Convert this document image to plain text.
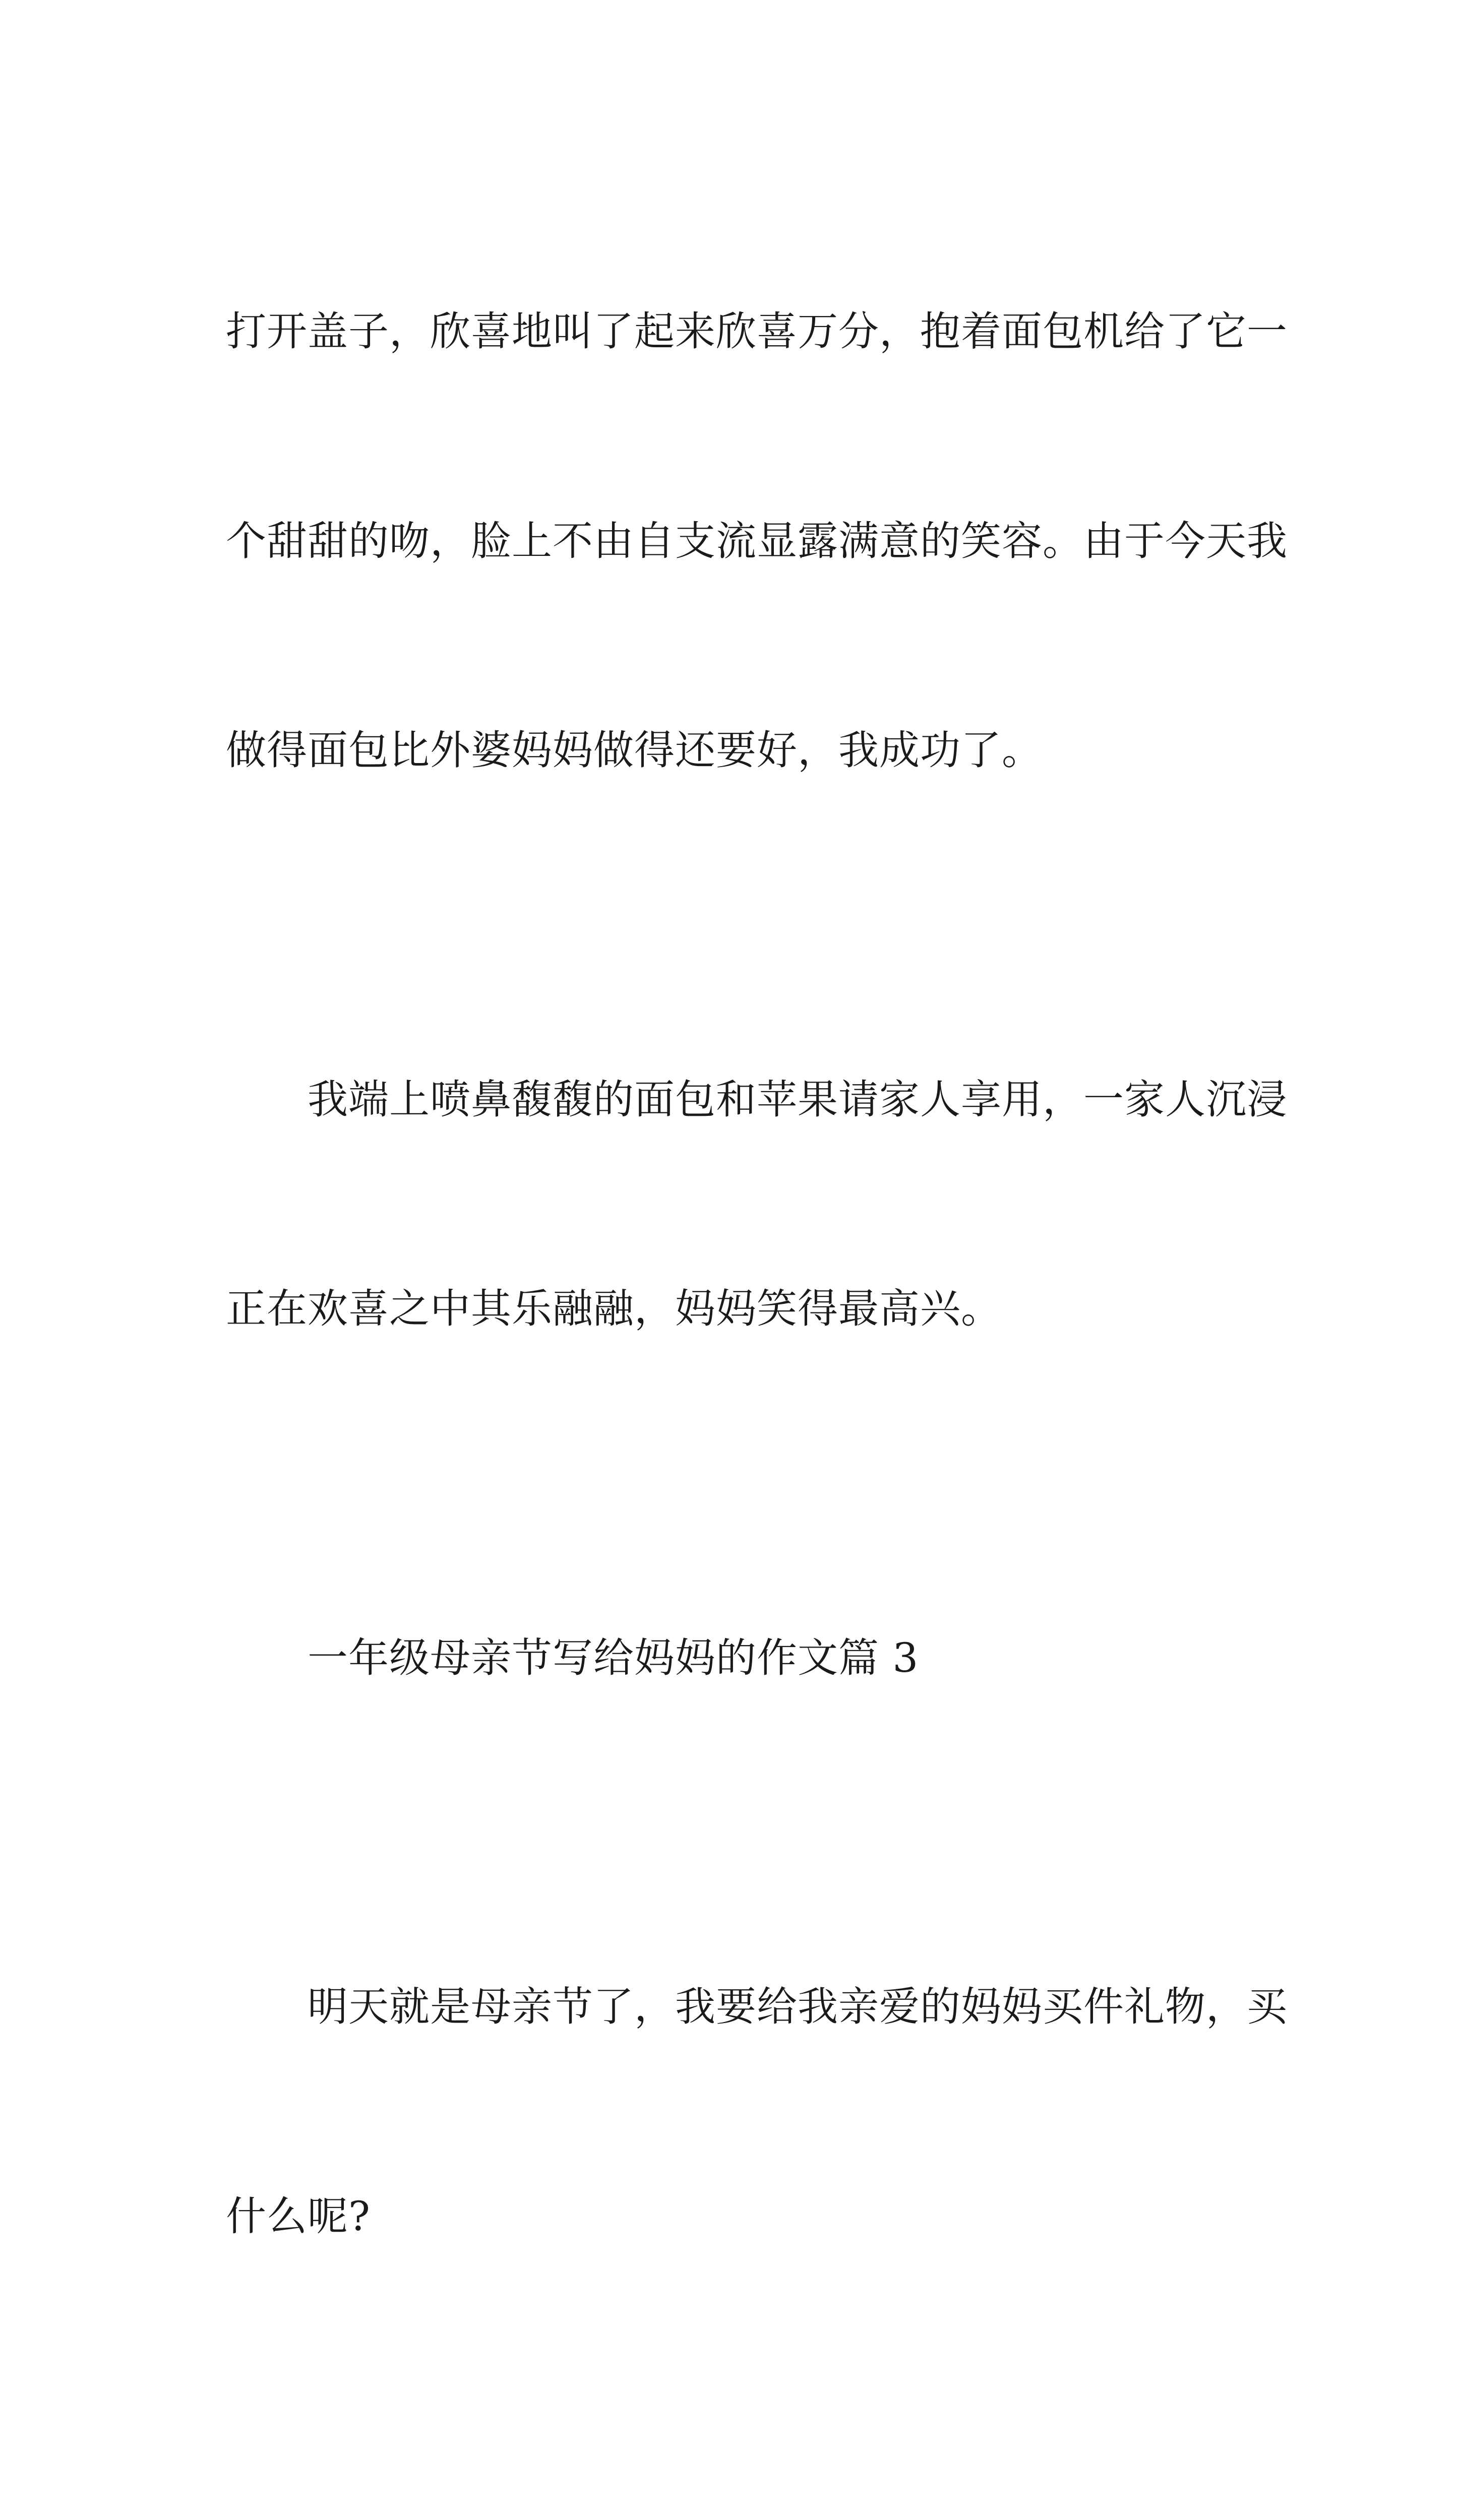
打开盖子，欣喜地叫了起来欣喜万分，抱着面包机给了它一

个甜甜的吻，脸上不由自支流显露满意的笑容。由于今天我

做得面包比外婆妈妈做得还要好，我成功了。

　　我端上喷鼻馥馥的面包和苹果请家人享用，一家人沉浸

正在欢喜之中其乐融融，妈妈笑得最高兴。

　　一年级母亲节写给妈妈的作文篇 3

　　明天就是母亲节了，我要给我亲爱的妈妈买件礼物，买

什么呢?
